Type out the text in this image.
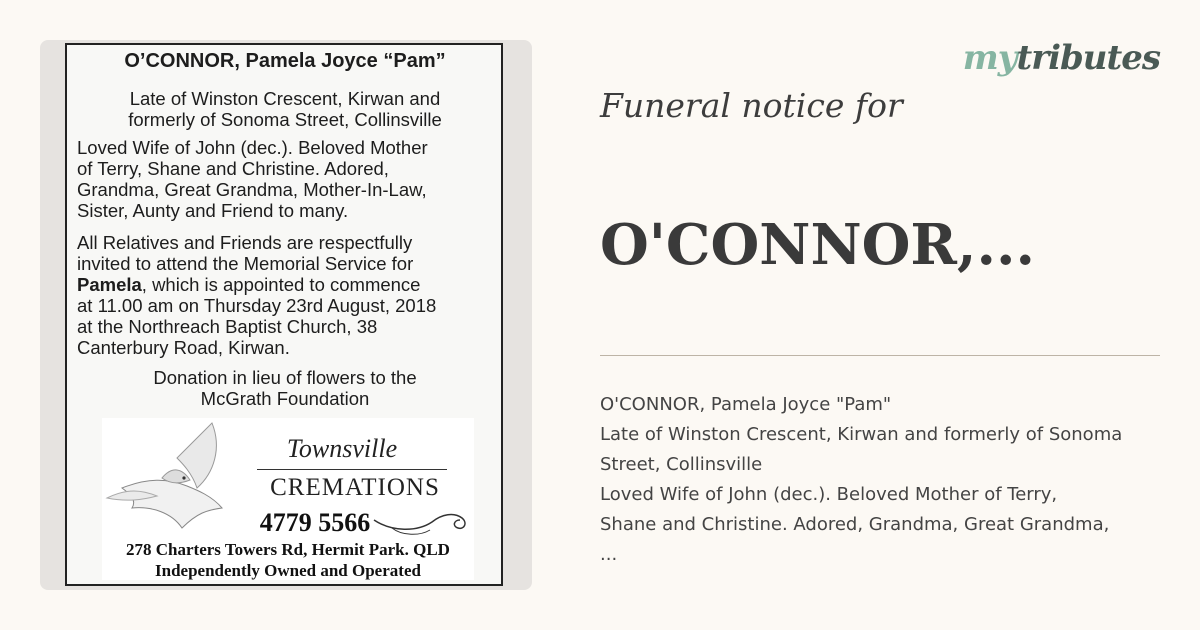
O’CONNOR, Pamela Joyce “Pam”
Late of Winston Crescent, Kirwan and
formerly of Sonoma Street, Collinsville
Loved Wife of John (dec.). Beloved Mother
of Terry, Shane and Christine. Adored,
Grandma, Great Grandma, Mother-In-Law,
Sister, Aunty and Friend to many.
All Relatives and Friends are respectfully
invited to attend the Memorial Service for
Pamela, which is appointed to commence
at 11.00 am on Thursday 23rd August, 2018
at the Northreach Baptist Church, 38
Canterbury Road, Kirwan.
Donation in lieu of flowers to the
McGrath Foundation
Townsville
CREMATIONS
4779 5566
278 Charters Towers Rd, Hermit Park. QLD
Independently Owned and Operated
mytributes
Funeral notice for
O'CONNOR,...
O'CONNOR, Pamela Joyce "Pam"
Late of Winston Crescent, Kirwan and formerly of Sonoma
Street, Collinsville
Loved Wife of John (dec.). Beloved Mother of Terry,
Shane and Christine. Adored, Grandma, Great Grandma,
...
